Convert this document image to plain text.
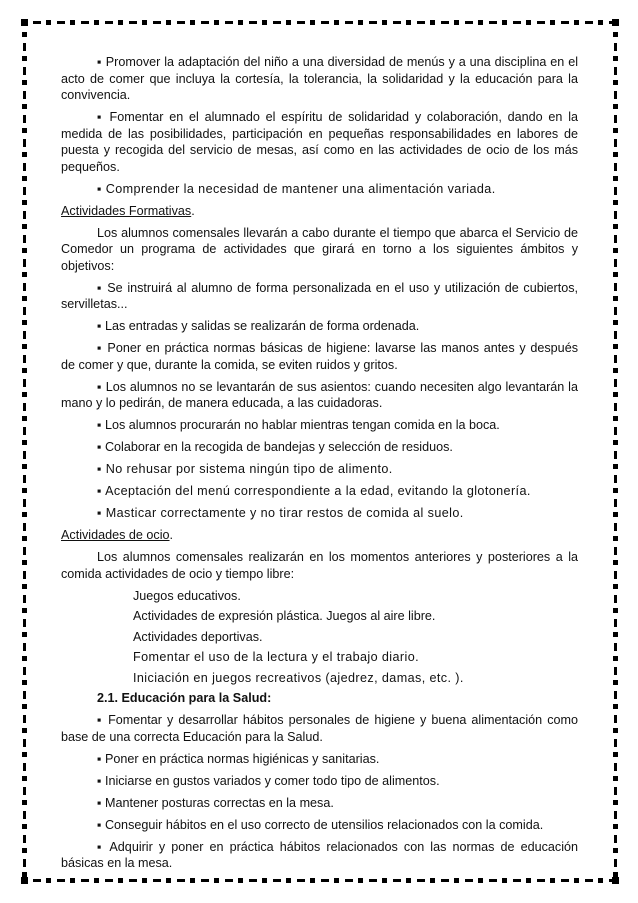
▪ Promover la adaptación del niño a una diversidad de menús y a una disciplina en el acto de comer que incluya la cortesía, la tolerancia, la solidaridad y la educación para la convivencia.

▪ Fomentar en el alumnado el espíritu de solidaridad y colaboración, dando en la medida de las posibilidades, participación en pequeñas responsabilidades en labores de puesta y recogida del servicio de mesas, así como en las actividades de ocio de los más pequeños.

▪ Comprender la necesidad de mantener una alimentación variada.

Actividades Formativas.

Los alumnos comensales llevarán a cabo durante el tiempo que abarca el Servicio de Comedor un programa de actividades que girará en torno a los siguientes ámbitos y objetivos:

▪ Se instruirá al alumno de forma personalizada en el uso y utilización de cubiertos, servilletas...

▪ Las entradas y salidas se realizarán de forma ordenada.

▪ Poner en práctica normas básicas de higiene: lavarse las manos antes y después de comer y que, durante la comida, se eviten ruidos y gritos.

▪ Los alumnos no se levantarán de sus asientos: cuando necesiten algo levantarán la mano y lo pedirán, de manera educada, a las cuidadoras.

▪ Los alumnos procurarán no hablar mientras tengan comida en la boca.

▪ Colaborar en la recogida de bandejas y selección de residuos.

▪ No rehusar por sistema ningún tipo de alimento.

▪ Aceptación del menú correspondiente a la edad, evitando la glotonería.

▪ Masticar correctamente y no tirar restos de comida al suelo.

Actividades de ocio.

Los alumnos comensales realizarán en los momentos anteriores y posteriores a la comida actividades de ocio y tiempo libre:

Juegos educativos.

Actividades de expresión plástica. Juegos al aire libre.

Actividades deportivas.

Fomentar el uso de la lectura y el trabajo diario.

Iniciación en juegos recreativos (ajedrez, damas, etc. ).

2.1. Educación para la Salud:

▪ Fomentar y desarrollar hábitos personales de higiene y buena alimentación como base de una correcta Educación para la Salud.

▪ Poner en práctica normas higiénicas y sanitarias.

▪ Iniciarse en gustos variados y comer todo tipo de alimentos.

▪ Mantener posturas correctas en la mesa.

▪ Conseguir hábitos en el uso correcto de utensilios relacionados con la comida.

▪ Adquirir y poner en práctica hábitos relacionados con las normas de educación básicas en la mesa.
